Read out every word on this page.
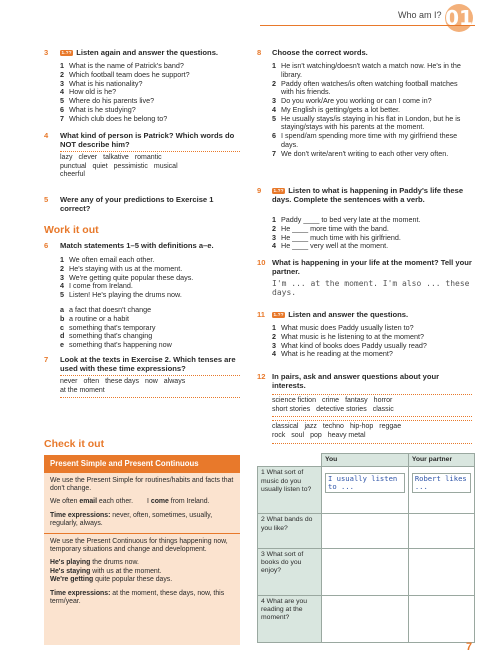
Who am I? 01
3	1.?? Listen again and answer the questions.
1 What is the name of Patrick's band?
2 Which football team does he support?
3 What is his nationality?
4 How old is he?
5 Where do his parents live?
6 What is he studying?
7 Which club does he belong to?
4 What kind of person is Patrick? Which words do NOT describe him?
lazy clever talkative romantic
punctual quiet pessimistic musical
cheerful
5 Were any of your predictions to Exercise 1 correct?
Work it out
6 Match statements 1–5 with definitions a–e.
1 We often email each other.
2 He's staying with us at the moment.
3 We're getting quite popular these days.
4 I come from Ireland.
5 Listen! He's playing the drums now.
a a fact that doesn't change
b a routine or a habit
c something that's temporary
d something that's changing
e something that's happening now
7 Look at the texts in Exercise 2. Which tenses are used with these time expressions?
never often these days now always
at the moment
Check it out
Present Simple and Present Continuous
We use the Present Simple for routines/habits and facts that don't change.
We often email each other. I come from Ireland.
Time expressions: never, often, sometimes, usually, regularly, always.
We use the Present Continuous for things happening now, temporary situations and change and development.
He's playing the drums now.
He's staying with us at the moment.
We're getting quite popular these days.
Time expressions: at the moment, these days, now, this term/year.
8 Choose the correct words.
1 He isn't watching/doesn't watch a match now. He's in the library.
2 Paddy often watches/is often watching football matches with his friends.
3 Do you work/Are you working or can I come in?
4 My English is getting/gets a lot better.
5 He usually stays/is staying in his flat in London, but he is staying/stays with his parents at the moment.
6 I spend/am spending more time with my girlfriend these days.
7 We don't write/aren't writing to each other very often.
9	1.?? Listen to what is happening in Paddy's life these days. Complete the sentences with a verb.
1 Paddy ____ to bed very late at the moment.
2 He ____ more time with the band.
3 He ____ much time with his girlfriend.
4 He ____ very well at the moment.
10 What is happening in your life at the moment? Tell your partner.
I'm ... at the moment. I'm also ... these days.
11	1.?? Listen and answer the questions.
1 What music does Paddy usually listen to?
2 What music is he listening to at the moment?
3 What kind of books does Paddy usually read?
4 What is he reading at the moment?
12 In pairs, ask and answer questions about your interests.
science fiction crime fantasy horror
short stories detective stories classic
classical jazz techno hip-hop reggae
rock soul pop heavy metal
	You	Your partner
1 What sort of music do you usually listen to?	I usually listen to ...	Robert likes ...
2 What bands do you like?		
3 What sort of books do you enjoy?		
4 What are you reading at the moment?		
7
